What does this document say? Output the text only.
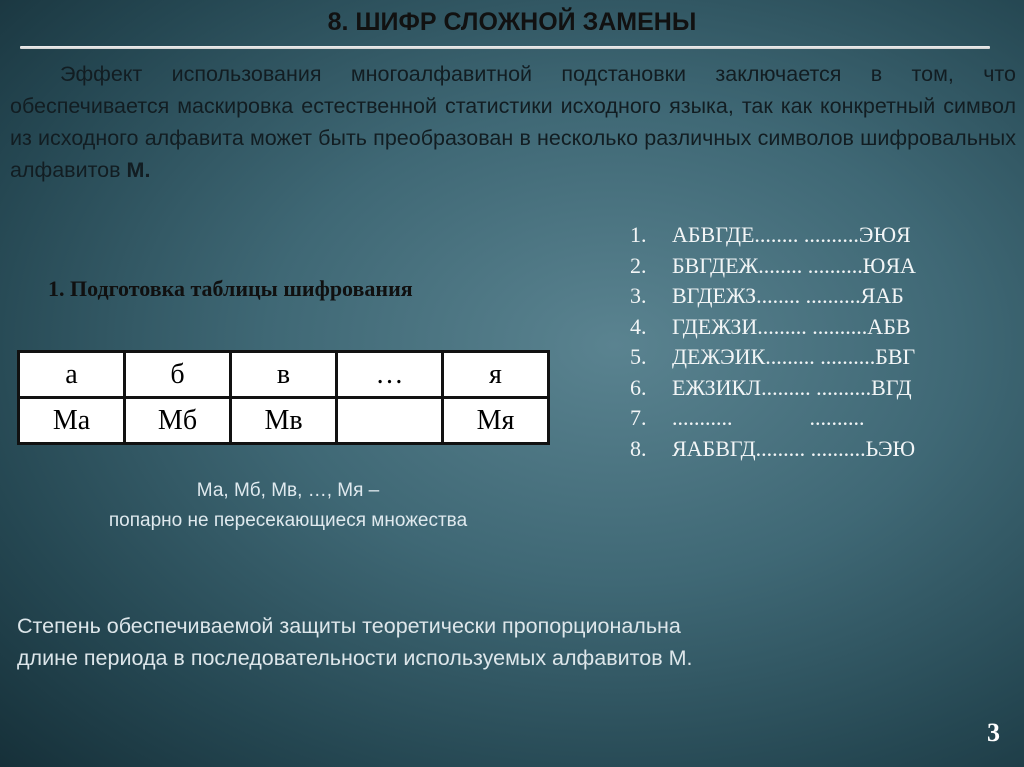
8. ШИФР СЛОЖНОЙ ЗАМЕНЫ
Эффект использования многоалфавитной подстановки заключается в том, что обеспечивается маскировка естественной статистики исходного языка, так как конкретный символ из исходного алфавита может быть преобразован в несколько различных символов шифровальных алфавитов М.
1. Подготовка таблицы шифрования
а	б	в	…	я
Ма	Мб	Мв		Мя
Ма, Мб, Мв, …, Мя –
попарно не пересекающиеся множества
1. АБВГДЕ........ ..........ЭЮЯ
2. БВГДЕЖ........ ..........ЮЯА
3. ВГДЕЖЗ........ ..........ЯАБ
4. ГДЕЖЗИ......... ..........АБВ
5. ДЕЖЭИК......... ..........БВГ
6. ЕЖЗИКЛ......... ..........ВГД
7. ...........              ..........
8. ЯАБВГД......... ..........ЬЭЮ
Степень обеспечиваемой защиты теоретически пропорциональна
длине периода в последовательности используемых алфавитов М.
3
